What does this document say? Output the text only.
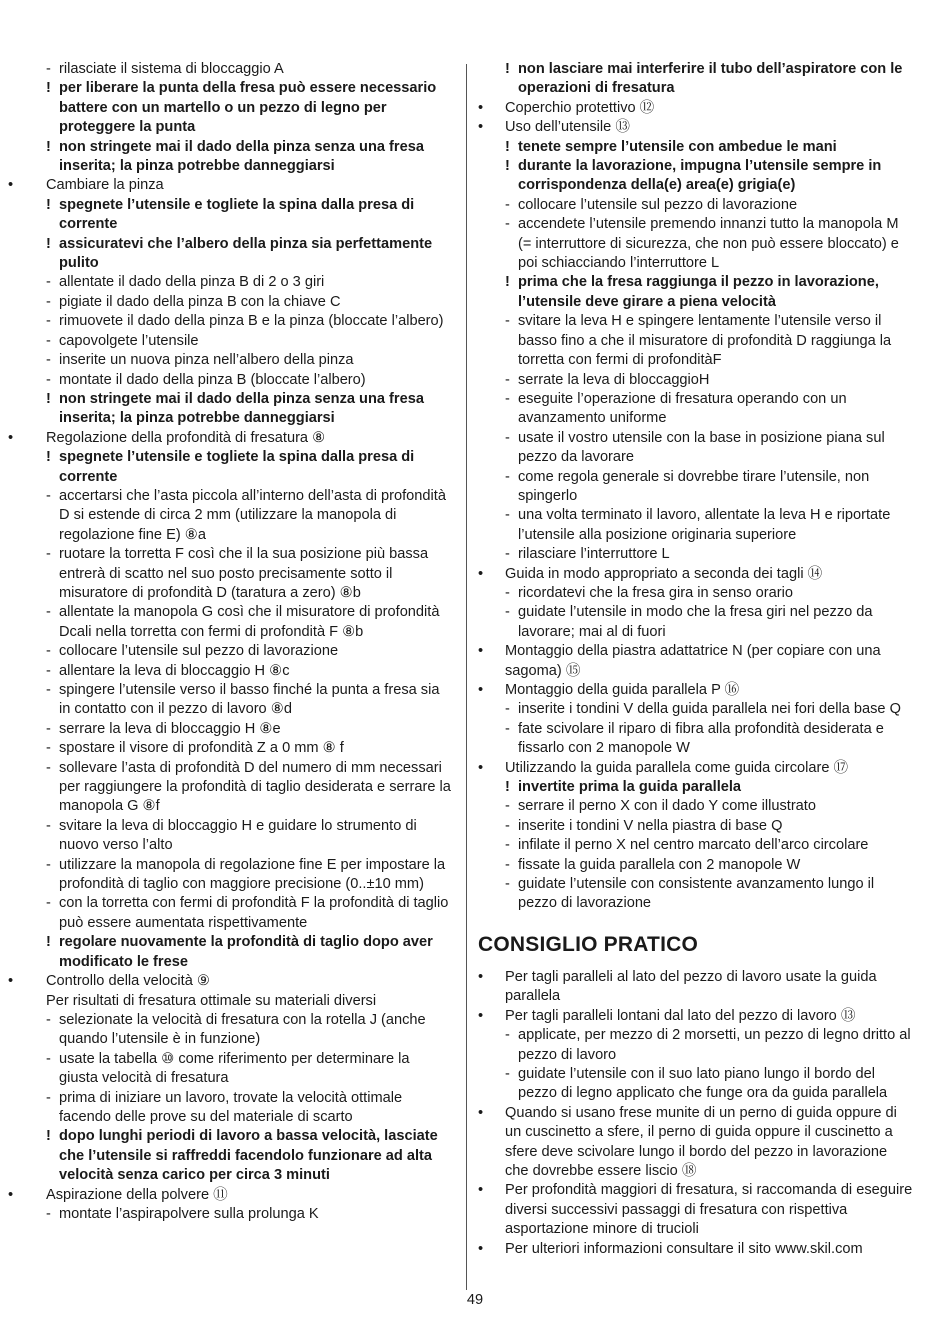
- rilasciate il sistema di bloccaggio A
! per liberare la punta della fresa può essere necessario battere con un martello o un pezzo di legno per proteggere la punta
! non stringete mai il dado della pinza senza una fresa inserita; la pinza potrebbe danneggiarsi
• Cambiare la pinza
! spegnete l’utensile e togliete la spina dalla presa di corrente
! assicuratevi che l’albero della pinza sia perfettamente pulito
- allentate il dado della pinza B di 2 o 3 giri
- pigiate il dado della pinza B con la chiave C
- rimuovete il dado della pinza B e la pinza (bloccate l’albero)
- capovolgete l’utensile
- inserite un nuova pinza nell’albero della pinza
- montate il dado della pinza B (bloccate l’albero)
! non stringete mai il dado della pinza senza una fresa inserita; la pinza potrebbe danneggiarsi
• Regolazione della profondità di fresatura ⑧
! spegnete l’utensile e togliete la spina dalla presa di corrente
- accertarsi che l’asta piccola all’interno dell’asta di profondità D si estende di circa 2 mm (utilizzare la manopola di regolazione fine E) ⑧a
- ruotare la torretta F così che il la sua posizione più bassa entrerà di scatto nel suo posto precisamente sotto il misuratore di profondità D (taratura a zero) ⑧b
- allentate la manopola G così che il misuratore di profondità Dcali nella torretta con fermi di profondità F ⑧b
- collocare l’utensile sul pezzo di lavorazione
- allentare la leva di bloccaggio H ⑧c
- spingere l’utensile verso il basso finché la punta a fresa sia in contatto con il pezzo di lavoro ⑧d
- serrare la leva di bloccaggio H ⑧e
- spostare il visore di profondità Z a 0 mm ⑧ f
- sollevare l’asta di profondità D del numero di mm necessari per raggiungere la profondità di taglio desiderata e serrare la manopola G ⑧f
- svitare la leva di bloccaggio H e guidare lo strumento di nuovo verso l’alto
- utilizzare la manopola di regolazione fine E per impostare la profondità di taglio con maggiore precisione (0..±10 mm)
- con la torretta con fermi di profondità F la profondità di taglio può essere aumentata rispettivamente
! regolare nuovamente la profondità di taglio dopo aver modificato le frese
• Controllo della velocità ⑨
Per risultati di fresatura ottimale su materiali diversi
- selezionate la velocità di fresatura con la rotella J (anche quando l’utensile è in funzione)
- usate la tabella ⑩ come riferimento per determinare la giusta velocità di fresatura
- prima di iniziare un lavoro, trovate la velocità ottimale facendo delle prove su del materiale di scarto
! dopo lunghi periodi di lavoro a bassa velocità, lasciate che l’utensile si raffreddi facendolo funzionare ad alta velocità senza carico per circa 3 minuti
• Aspirazione della polvere ⑪
- montate l’aspirapolvere sulla prolunga K
! non lasciare mai interferire il tubo dell’aspiratore con le operazioni di fresatura
• Coperchio protettivo ⑫
• Uso dell’utensile ⑬
! tenete sempre l’utensile con ambedue le mani
! durante la lavorazione, impugna l’utensile sempre in corrispondenza della(e) area(e) grigia(e)
- collocare l’utensile sul pezzo di lavorazione
- accendete l’utensile premendo innanzi tutto la manopola M (= interruttore di sicurezza, che non può essere bloccato) e poi schiacciando l’interruttore L
! prima che la fresa raggiunga il pezzo in lavorazione, l’utensile deve girare a piena velocità
- svitare la leva H e spingere lentamente l’utensile verso il basso fino a che il misuratore di profondità D raggiunga la torretta con fermi di profonditàF
- serrate la leva di bloccaggioH
- eseguite l’operazione di fresatura operando con un avanzamento uniforme
- usate il vostro utensile con la base in posizione piana sul pezzo da lavorare
- come regola generale si dovrebbe tirare l’utensile, non spingerlo
- una volta terminato il lavoro, allentate la leva H e riportate l’utensile alla posizione originaria superiore
- rilasciare l’interruttore L
• Guida in modo appropriato a seconda dei tagli ⑭
- ricordatevi che la fresa gira in senso orario
- guidate l’utensile in modo che la fresa giri nel pezzo da lavorare; mai al di fuori
• Montaggio della piastra adattatrice N (per copiare con una sagoma) ⑮
• Montaggio della guida parallela P ⑯
- inserite i tondini V della guida parallela nei fori della base Q
- fate scivolare il riparo di fibra alla profondità desiderata e fissarlo con 2 manopole W
• Utilizzando la guida parallela come guida circolare ⑰
! invertite prima la guida parallela
- serrare il perno X con il dado Y come illustrato
- inserite i tondini V nella piastra di base Q
- infilate il perno X nel centro marcato dell’arco circolare
- fissate la guida parallela con 2 manopole W
- guidate l’utensile con consistente avanzamento lungo il pezzo di lavorazione
CONSIGLIO PRATICO
• Per tagli paralleli al lato del pezzo di lavoro usate la guida parallela
• Per tagli paralleli lontani dal lato del pezzo di lavoro ⑬
- applicate, per mezzo di 2 morsetti, un pezzo di legno dritto al pezzo di lavoro
- guidate l’utensile con il suo lato piano lungo il bordo del pezzo di legno applicato che funge ora da guida parallela
• Quando si usano frese munite di un perno di guida oppure di un cuscinetto a sfere, il perno di guida oppure il cuscinetto a sfere deve scivolare lungo il bordo del pezzo in lavorazione che dovrebbe essere liscio ⑱
• Per profondità maggiori di fresatura, si raccomanda di eseguire diversi successivi passaggi di fresatura con rispettiva asportazione minore di trucioli
• Per ulteriori informazioni consultare il sito www.skil.com
49
